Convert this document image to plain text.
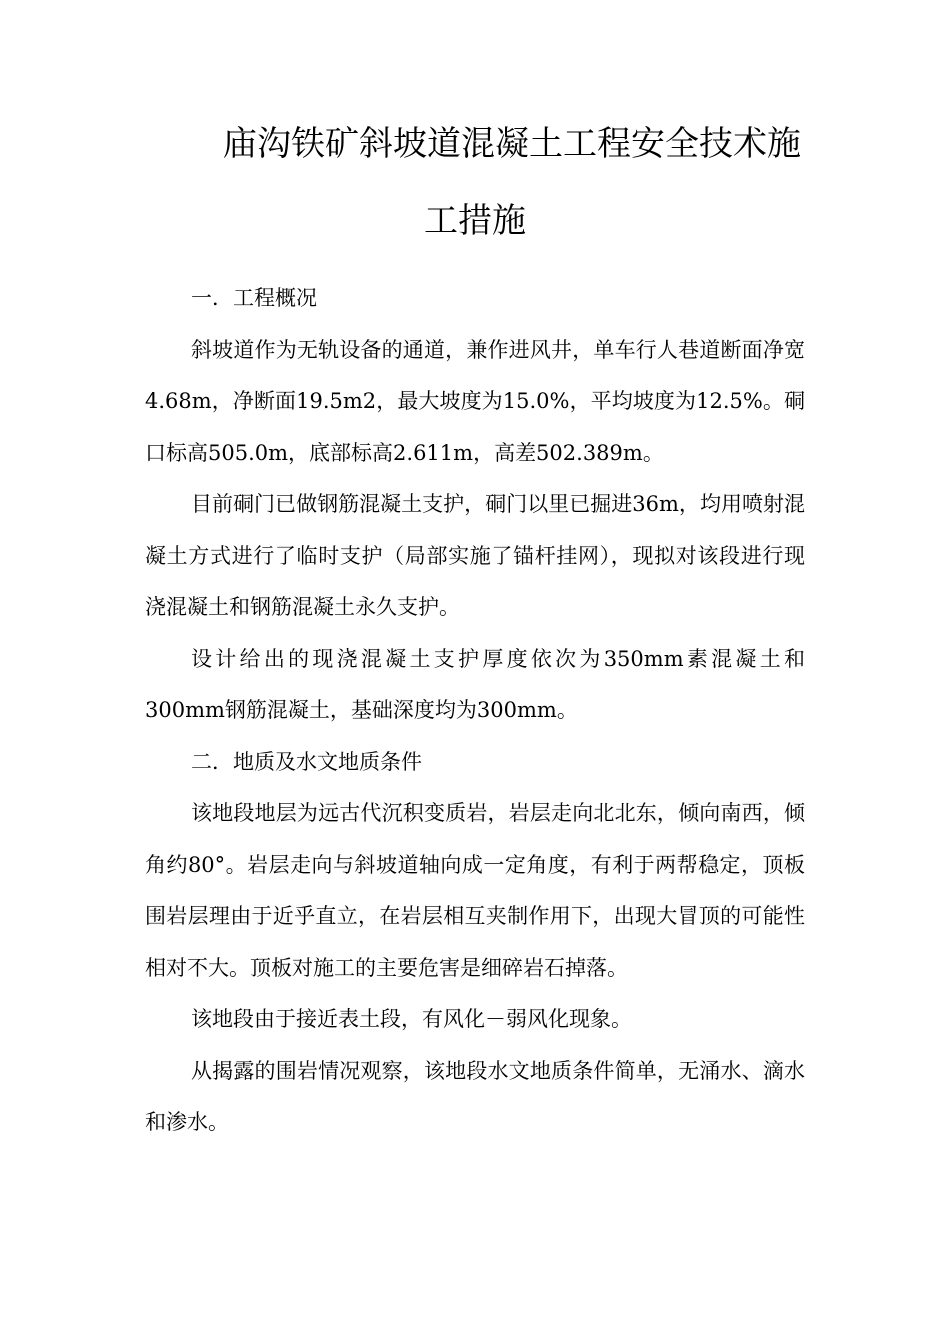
庙沟铁矿斜坡道混凝土工程安全技术施
工措施

一．工程概况

斜坡道作为无轨设备的通道，兼作进风井，单车行人巷道断面净宽4.68m，净断面19.5m2，最大坡度为15.0%，平均坡度为12.5%。硐口标高505.0m，底部标高2.611m，高差502.389m。

目前硐门已做钢筋混凝土支护，硐门以里已掘进36m，均用喷射混凝土方式进行了临时支护（局部实施了锚杆挂网），现拟对该段进行现浇混凝土和钢筋混凝土永久支护。

设计给出的现浇混凝土支护厚度依次为350mm素混凝土和300mm钢筋混凝土，基础深度均为300mm。

二．地质及水文地质条件

该地段地层为远古代沉积变质岩，岩层走向北北东，倾向南西，倾角约80°。岩层走向与斜坡道轴向成一定角度，有利于两帮稳定，顶板围岩层理由于近乎直立，在岩层相互夹制作用下，出现大冒顶的可能性相对不大。顶板对施工的主要危害是细碎岩石掉落。

该地段由于接近表土段，有风化－弱风化现象。

从揭露的围岩情况观察，该地段水文地质条件简单，无涌水、滴水和渗水。
